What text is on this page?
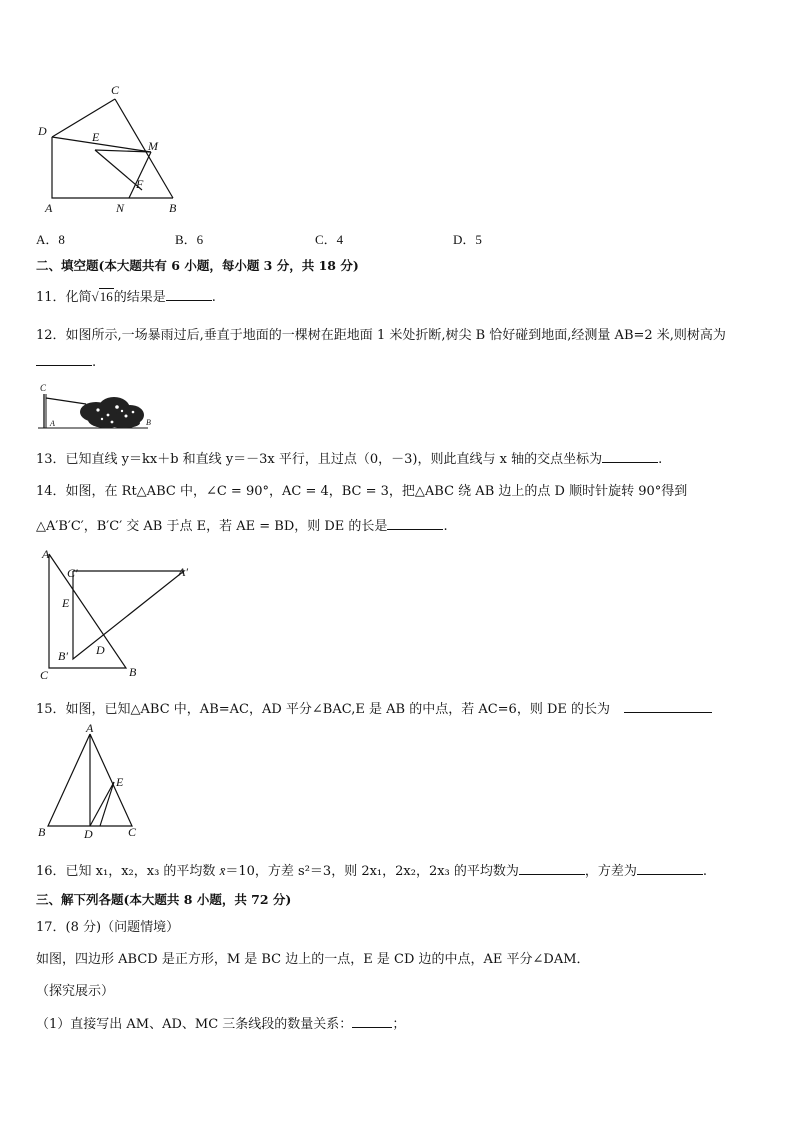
C
D	E
M
F
A	N	B
A．8	B．6	C．4	D．5
二、填空题(本大题共有 6 小题，每小题 3 分，共 18 分)
11．化简√16的结果是	.
12．如图所示,一场暴雨过后,垂直于地面的一棵树在距地面 1 米处折断,树尖 B 恰好碰到地面,经测量 AB=2 米,则树高为
.
C
A	B
13．已知直线 y＝kx＋b 和直线 y＝－3x 平行，且过点（0，－3)，则此直线与 x 轴的交点坐标为	.
14．如图，在 Rt△ABC 中，∠C = 90°，AC = 4，BC = 3，把△ABC 绕 AB 边上的点 D 顺时针旋转 90°得到
△A′B′C′，B′C′ 交 AB 于点 E，若 AE = BD，则 DE 的长是	.
A
C′	A′
E
B′ D
C	B
15．如图，已知△ABC 中，AB=AC，AD 平分∠BAC,E 是 AB 的中点，若 AC=6，则 DE 的长为
A
E
B	D	C
16．已知 x₁，x₂，x₃ 的平均数 x̄＝10，方差 s²＝3，则 2x₁，2x₂，2x₃ 的平均数为	，方差为	.
三、解下列各题(本大题共 8 小题，共 72 分)
17．(8 分)（问题情境）
如图，四边形 ABCD 是正方形，M 是 BC 边上的一点，E 是 CD 边的中点，AE 平分∠DAM．
（探究展示）
（1）直接写出 AM、AD、MC 三条线段的数量关系：	；
